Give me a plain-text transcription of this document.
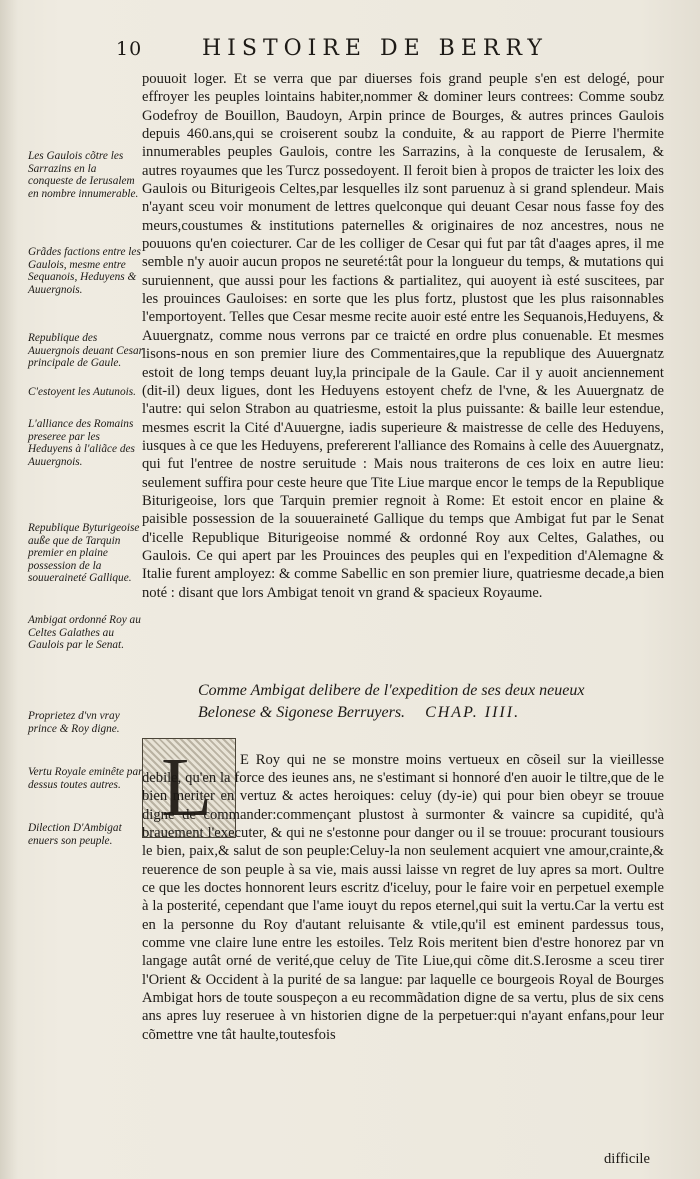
10	HISTOIRE DE BERRY

pouuoit loger. Et se verra que par diuerses fois grand peuple s'en est delogé, pour effroyer les peuples lointains habiter,nommer & dominer leurs contrees: Comme soubz Godefroy de Bouillon, Baudoyn, Arpin prince de Bourges, & autres princes Gaulois depuis 460.ans,qui se croiserent soubz la conduite, & au rapport de Pierre l'hermite innumerables peuples Gaulois, contre les Sarrazins, à la conqueste de Ierusalem, & autres royaumes que les Turcz possedoyent. Il feroit bien à propos de traicter les loix des Gaulois ou Biturigeois Celtes,par lesquelles ilz sont paruenuz à si grand splendeur. Mais n'ayant sceu voir monument de lettres quelconque qui deuant Cesar nous fasse foy des meurs,coustumes & institutions paternelles & originaires de noz ancestres, nous ne pouuons qu'en coiecturer. Car de les colliger de Cesar qui fut par tât d'aages apres, il me semble n'y auoir aucun propos ne seureté:tât pour la longueur du temps, & mutations qui suruiennent, que aussi pour les factions & partialitez, qui auoyent ià esté suscitees, par les prouinces Gauloises: en sorte que les plus fortz, plustost que les plus raisonnables l'emportoyent. Telles que Cesar mesme recite auoir esté entre les Sequanois,Heduyens, & Auuergnatz, comme nous verrons par ce traicté en ordre plus conuenable. Et mesmes lisons-nous en son premier liure des Commentaires,que la republique des Auuergnatz estoit de long temps deuant luy,la principale de la Gaule. Car il y auoit anciennement (dit-il) deux ligues, dont les Heduyens estoyent chefz de l'vne, & les Auuergnatz de l'autre: qui selon Strabon au quatriesme, estoit la plus puissante: & baille leur estendue, mesmes escrit la Cité d'Auuergne, iadis superieure & maistresse de celle des Heduyens, iusques à ce que les Heduyens, prefererent l'alliance des Romains à celle des Auuergnatz, qui fut l'entree de nostre seruitude : Mais nous traiterons de ces loix en autre lieu: seulement suffira pour ceste heure que Tite Liue marque encor le temps de la Republique Biturigeoise, lors que Tarquin premier regnoit à Rome: Et estoit encor en plaine & paisible possession de la souueraineté Gallique du temps que Ambigat fut par le Senat d'icelle Republique Biturigeoise nommé & ordonné Roy aux Celtes, Galathes, ou Gaulois. Ce qui apert par les Prouinces des peuples qui en l'expedition d'Alemagne & Italie furent amployez: & comme Sabellic en son premier liure, quatriesme decade,a bien noté : disant que lors Ambigat tenoit vn grand & spacieux Royaume.

Comme Ambigat delibere de l'expedition de ses deux neueux
Belonese & Sigonese Berruyers. CHAP. IIII.
L	E Roy qui ne se monstre moins vertueux en cõseil sur la vieillesse debile, qu'en la force des ieunes ans, ne s'estimant si honnoré d'en auoir le tiltre,que de le bien meriter en vertuz & actes heroiques: celuy (dy-ie) qui pour bien obeyr se trouue digne de commander:commençant plustost à surmonter & vaincre sa cupidité, qu'à brauement l'executer, & qui ne s'estonne pour danger ou il se trouue: procurant tousiours le bien, paix,& salut de son peuple:Celuy-la non seulement acquiert vne amour,crainte,& reuerence de son peuple à sa vie, mais aussi laisse vn regret de luy apres sa mort. Oultre ce que les doctes honnorent leurs escritz d'iceluy, pour le faire voir en perpetuel exemple à la posterité, cependant que l'ame iouyt du repos eternel,qui suit la vertu.Car la vertu est en la personne du Roy d'autant reluisante & vtile,qu'il est eminent pardessus tous, comme vne claire lune entre les estoiles. Telz Rois meritent bien d'estre honorez par vn langage autât orné de verité,que celuy de Tite Liue,qui cõme dit.S.Ierosme a sceu tirer l'Orient & Occident à la purité de sa langue: par laquelle ce bourgeois Royal de Bourges Ambigat hors de toute souspeçon a eu recommãdation digne de sa vertu, plus de six cens ans apres luy reseruee à vn historien digne de la perpetuer:qui n'ayant enfans,pour leur cõmettre vne tât haulte,toutesfois

Les Gaulois cõtre les Sarrazins en la conqueste de Ierusalem en nombre innumerable.
Grãdes factions entre les Gaulois, mesme entre Sequanois, Heduyens & Auuergnois.
Republique des Auuergnois deuant Cesar principale de Gaule.
C'estoyent les Autunois.
L'alliance des Romains preseree par les Heduyens à l'aliãce des Auuergnois.
Republique Byturigeoise auße que de Tarquin premier en plaine possession de la souueraineté Gallique.
Ambigat ordonné Roy au Celtes Galathes au Gaulois par le Senat.
Proprietez d'vn vray prince & Roy digne.
Vertu Royale eminête par dessus toutes autres.
Dilection D'Ambigat enuers son peuple.
difficile
